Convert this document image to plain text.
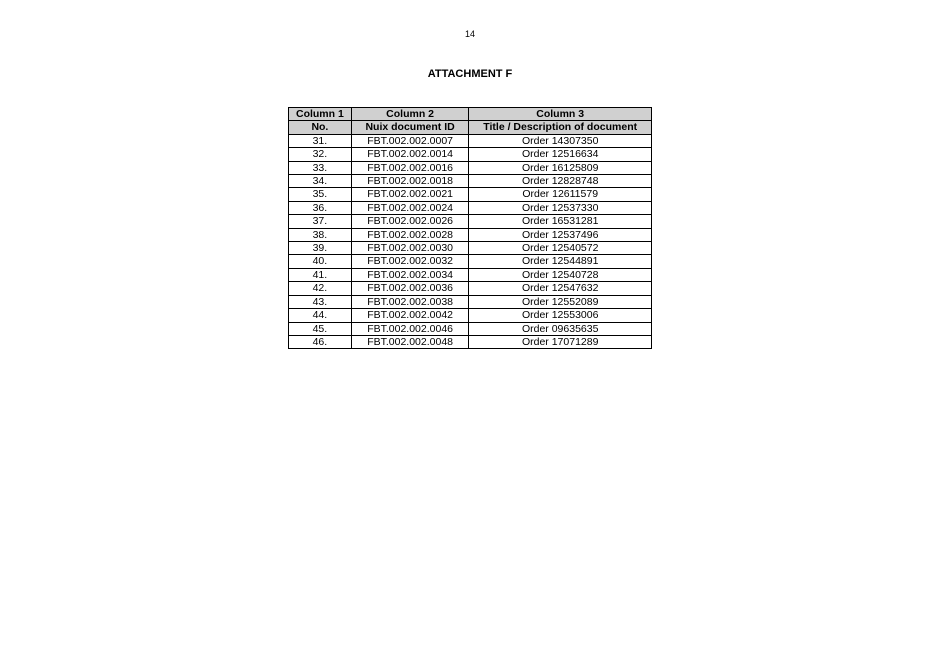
14
ATTACHMENT F
Column 1	Column 2	Column 3
No.	Nuix document ID	Title / Description of document
31.	FBT.002.002.0007	Order 14307350
32.	FBT.002.002.0014	Order 12516634
33.	FBT.002.002.0016	Order 16125809
34.	FBT.002.002.0018	Order 12828748
35.	FBT.002.002.0021	Order 12611579
36.	FBT.002.002.0024	Order 12537330
37.	FBT.002.002.0026	Order 16531281
38.	FBT.002.002.0028	Order 12537496
39.	FBT.002.002.0030	Order 12540572
40.	FBT.002.002.0032	Order 12544891
41.	FBT.002.002.0034	Order 12540728
42.	FBT.002.002.0036	Order 12547632
43.	FBT.002.002.0038	Order 12552089
44.	FBT.002.002.0042	Order 12553006
45.	FBT.002.002.0046	Order 09635635
46.	FBT.002.002.0048	Order 17071289
